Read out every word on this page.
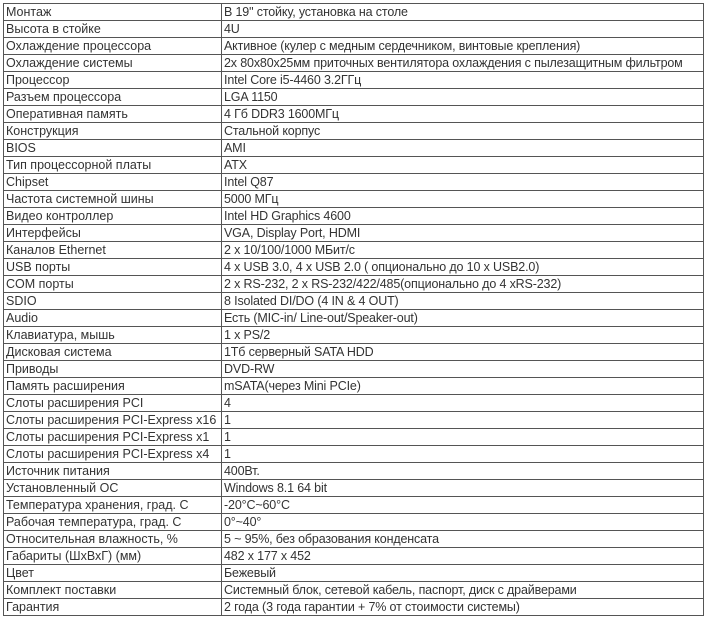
Монтаж	В 19" стойку, установка на столе
Высота в стойке	4U
Охлаждение процессора	Активное (кулер с медным сердечником, винтовые крепления)
Охлаждение системы	2x 80x80x25мм приточных вентилятора охлаждения с пылезащитным фильтром
Процессор	Intel Core i5-4460 3.2ГГц
Разъем процессора	LGA 1150
Оперативная память	4 Гб DDR3 1600МГц
Конструкция	Стальной корпус
BIOS	AMI
Тип процессорной платы	ATX
Chipset	Intel Q87
Частота системной шины	5000 МГц
Видео контроллер	Intel HD Graphics 4600
Интерфейсы	VGA, Display Port, HDMI
Каналов Ethernet	2 x 10/100/1000 МБит/с
USB порты	4 x USB 3.0, 4 x USB 2.0 ( опционально до 10 x USB2.0)
COM порты	2 x RS-232, 2 x RS-232/422/485(опционально до 4 xRS-232)
SDIO	8 Isolated DI/DO (4 IN & 4 OUT)
Audio	Есть (MIC-in/ Line-out/Speaker-out)
Клавиатура, мышь	1 x PS/2
Дисковая система	1Тб серверный SATA HDD
Приводы	DVD-RW
Память расширения	mSATA(через Mini PCIe)
Слоты расширения PCI	4
Слоты расширения PCI-Express x16	1
Слоты расширения PCI-Express x1	1
Слоты расширения PCI-Express x4	1
Источник питания	400Вт.
Установленный ОС	Windows 8.1 64 bit
Температура хранения, град. С	-20°C~60°C
Рабочая температура, град. С	0°~40°
Относительная влажность, %	5 ~ 95%, без образования конденсата
Габариты (ШхВхГ) (мм)	482 x 177 x 452
Цвет	Бежевый
Комплект поставки	Системный блок, сетевой кабель, паспорт, диск с драйверами
Гарантия	2 года (3 года гарантии + 7% от стоимости системы)
